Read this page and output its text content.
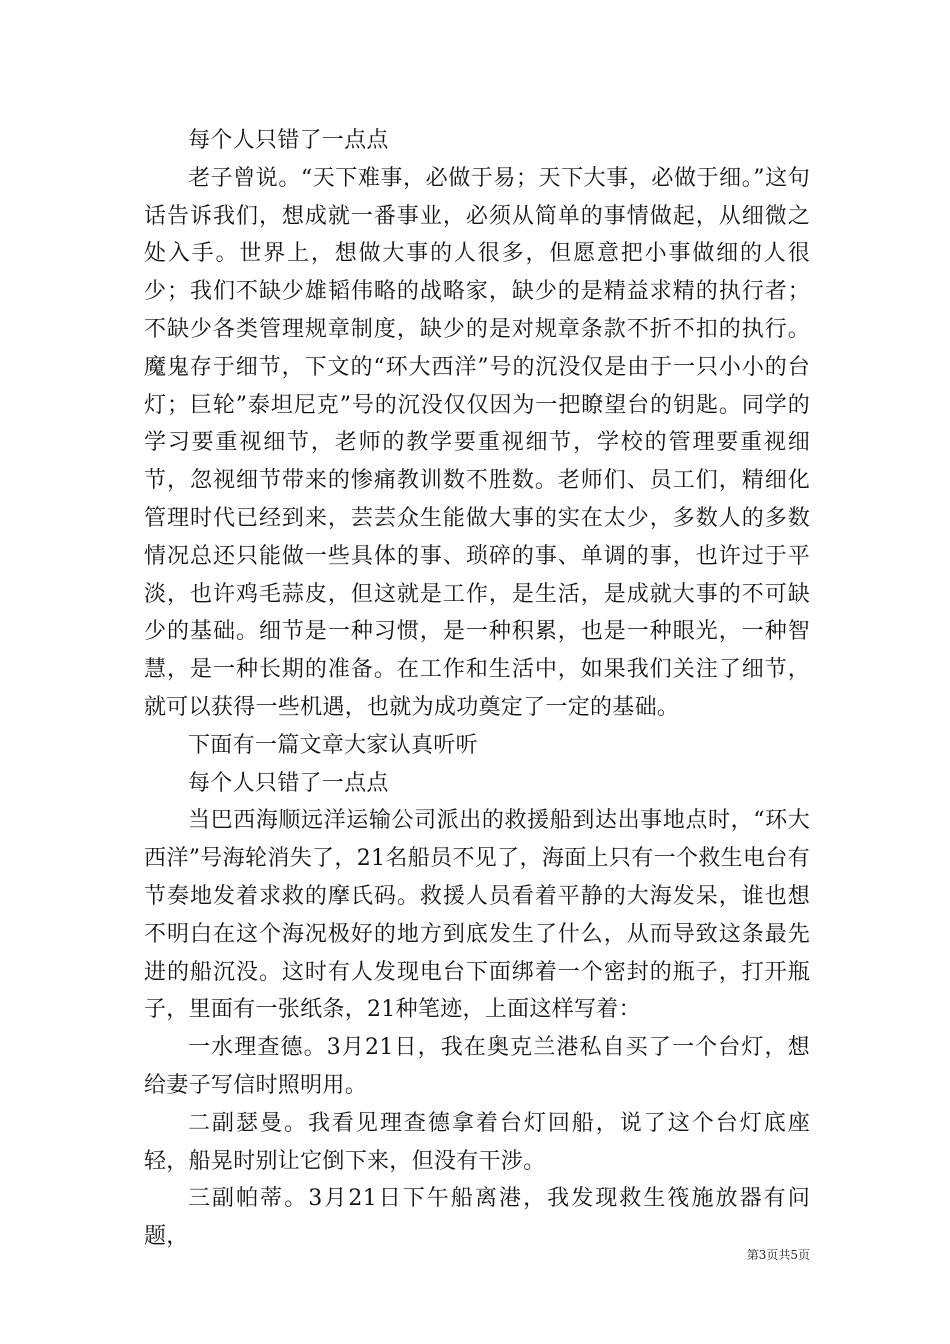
每个人只错了一点点

老子曾说。“天下难事，必做于易；天下大事，必做于细。”这句话告诉我们，想成就一番事业，必须从简单的事情做起，从细微之处入手。世界上，想做大事的人很多，但愿意把小事做细的人很少；我们不缺少雄韬伟略的战略家，缺少的是精益求精的执行者；不缺少各类管理规章制度，缺少的是对规章条款不折不扣的执行。魔鬼存于细节，下文的“环大西洋”号的沉没仅是由于一只小小的台灯；巨轮”泰坦尼克”号的沉没仅仅因为一把瞭望台的钥匙。同学的学习要重视细节，老师的教学要重视细节，学校的管理要重视细节，忽视细节带来的惨痛教训数不胜数。老师们、员工们，精细化管理时代已经到来，芸芸众生能做大事的实在太少，多数人的多数情况总还只能做一些具体的事、琐碎的事、单调的事，也许过于平淡，也许鸡毛蒜皮，但这就是工作，是生活，是成就大事的不可缺少的基础。细节是一种习惯，是一种积累，也是一种眼光，一种智慧，是一种长期的准备。在工作和生活中，如果我们关注了细节，就可以获得一些机遇，也就为成功奠定了一定的基础。

下面有一篇文章大家认真听听

每个人只错了一点点

当巴西海顺远洋运输公司派出的救援船到达出事地点时，“环大西洋”号海轮消失了，21名船员不见了，海面上只有一个救生电台有节奏地发着求救的摩氏码。救援人员看着平静的大海发呆，谁也想不明白在这个海况极好的地方到底发生了什么，从而导致这条最先进的船沉没。这时有人发现电台下面绑着一个密封的瓶子，打开瓶子，里面有一张纸条，21种笔迹，上面这样写着：

一水理查德。3月21日，我在奥克兰港私自买了一个台灯，想给妻子写信时照明用。

二副瑟曼。我看见理查德拿着台灯回船，说了这个台灯底座轻，船晃时别让它倒下来，但没有干涉。

三副帕蒂。3月21日下午船离港，我发现救生筏施放器有问题，

第3页共5页
